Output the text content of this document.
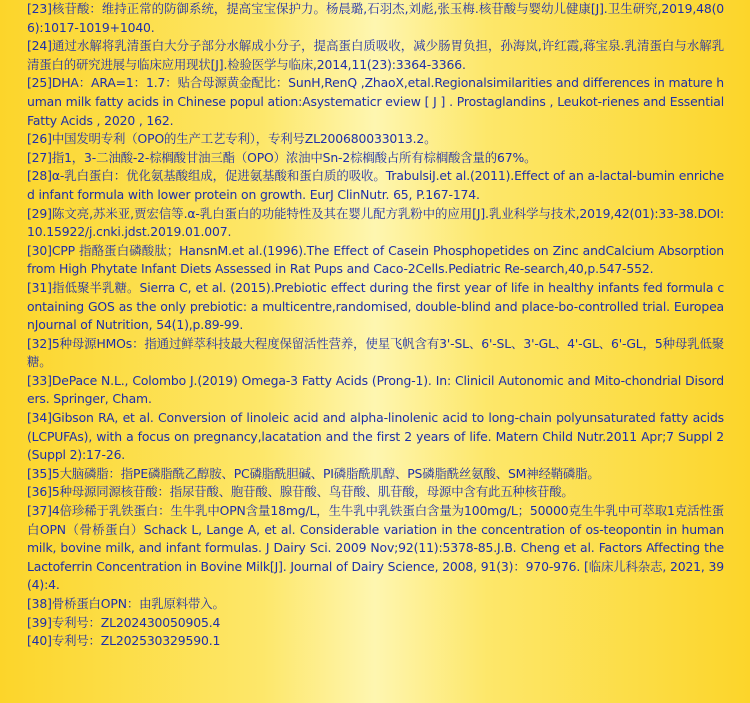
[23]核苷酸：维持正常的防御系统，提高宝宝保护力。杨晨璐,石羽杰,刘彪,张玉梅.核苷酸与婴幼儿健康[J].卫生研究,2019,48(06):1017-1019+1040.

[24]通过水解将乳清蛋白大分子部分水解成小分子，提高蛋白质吸收，减少肠胃负担，孙海岚,许红霞,蒋宝泉.乳清蛋白与水解乳清蛋白的研究进展与临床应用现状[J].检验医学与临床,2014,11(23):3364-3366.

[25]DHA：ARA=1：1.7：贴合母源黄金配比：SunH,RenQ ,ZhaoX,etal.Regionalsimilarities and differences in mature human milk fatty acids in Chinese popul ation:Asystematicr eview [ J ] . Prostaglandins , Leukot-rienes and Essential Fatty Acids , 2020 , 162.

[26]中国发明专利（OPO的生产工艺专利），专利号ZL200680033013.2。

[27]指1，3-二油酸-2-棕榈酸甘油三酯（OPO）浓油中Sn-2棕榈酸占所有棕榈酸含量的67%。

[28]α-乳白蛋白：优化氨基酸组成，促进氨基酸和蛋白质的吸收。TrabulsiJ.et al.(2011).Effect of an a-lactal-bumin enriched infant formula with lower protein on growth. EurJ ClinNutr. 65, P.167-174.

[29]陈文亮,苏米亚,贾宏信等.α-乳白蛋白的功能特性及其在婴儿配方乳粉中的应用[J].乳业科学与技术,2019,42(01):33-38.DOI:10.15922/j.cnki.jdst.2019.01.007.

[30]CPP 指酪蛋白磷酸肽；HansnM.et al.(1996).The Effect of Casein Phosphopetides on Zinc andCalcium Absorption from High Phytate Infant Diets Assessed in Rat Pups and Caco-2Cells.Pediatric Re-search,40,p.547-552.

[31]指低聚半乳糖。Sierra C, et al. (2015).Prebiotic effect during the first year of life in healthy infants fed formula containing GOS as the only prebiotic: a multicentre,randomised, double-blind and place-bo-controlled trial. EuropeanJournal of Nutrition, 54(1),p.89-99.

[32]5种母源HMOs：指通过鲜萃科技最大程度保留活性营养，使星飞帆含有3'-SL、6'-SL、3'-GL、4'-GL、6'-GL，5种母乳低聚糖。

[33]DePace N.L., Colombo J.(2019) Omega-3 Fatty Acids (Prong-1). In: Clinicil Autonomic and Mito-chondrial Disorders. Springer, Cham.

[34]Gibson RA, et al. Conversion of linoleic acid and alpha-linolenic acid to long-chain polyunsaturated fatty acids (LCPUFAs), with a focus on pregnancy,lacatation and the first 2 years of life. Matern Child Nutr.2011 Apr;7 Suppl 2(Suppl 2):17-26.

[35]5大脑磷脂：指PE磷脂酰乙醇胺、PC磷脂酰胆碱、PI磷脂酰肌醇、PS磷脂酰丝氨酸、SM神经鞘磷脂。

[36]5种母源同源核苷酸：指尿苷酸、胞苷酸、腺苷酸、鸟苷酸、肌苷酸，母源中含有此五种核苷酸。

[37]4倍珍稀于乳铁蛋白：生牛乳中OPN含量18mg/L，生牛乳中乳铁蛋白含量为100mg/L；50000克生牛乳中可萃取1克活性蛋白OPN（骨桥蛋白）Schack L, Lange A, et al. Considerable variation in the concentration of os-teopontin in human milk, bovine milk, and infant formulas. J Dairy Sci. 2009 Nov;92(11):5378-85.J.B. Cheng et al. Factors Affecting the Lactoferrin Concentration in Bovine Milk[J]. Journal of Dairy Science, 2008, 91(3)：970-976. [临床儿科杂志, 2021, 39(4):4.

[38]骨桥蛋白OPN：由乳原料带入。

[39]专利号：ZL202430050905.4

[40]专利号：ZL202530329590.1
